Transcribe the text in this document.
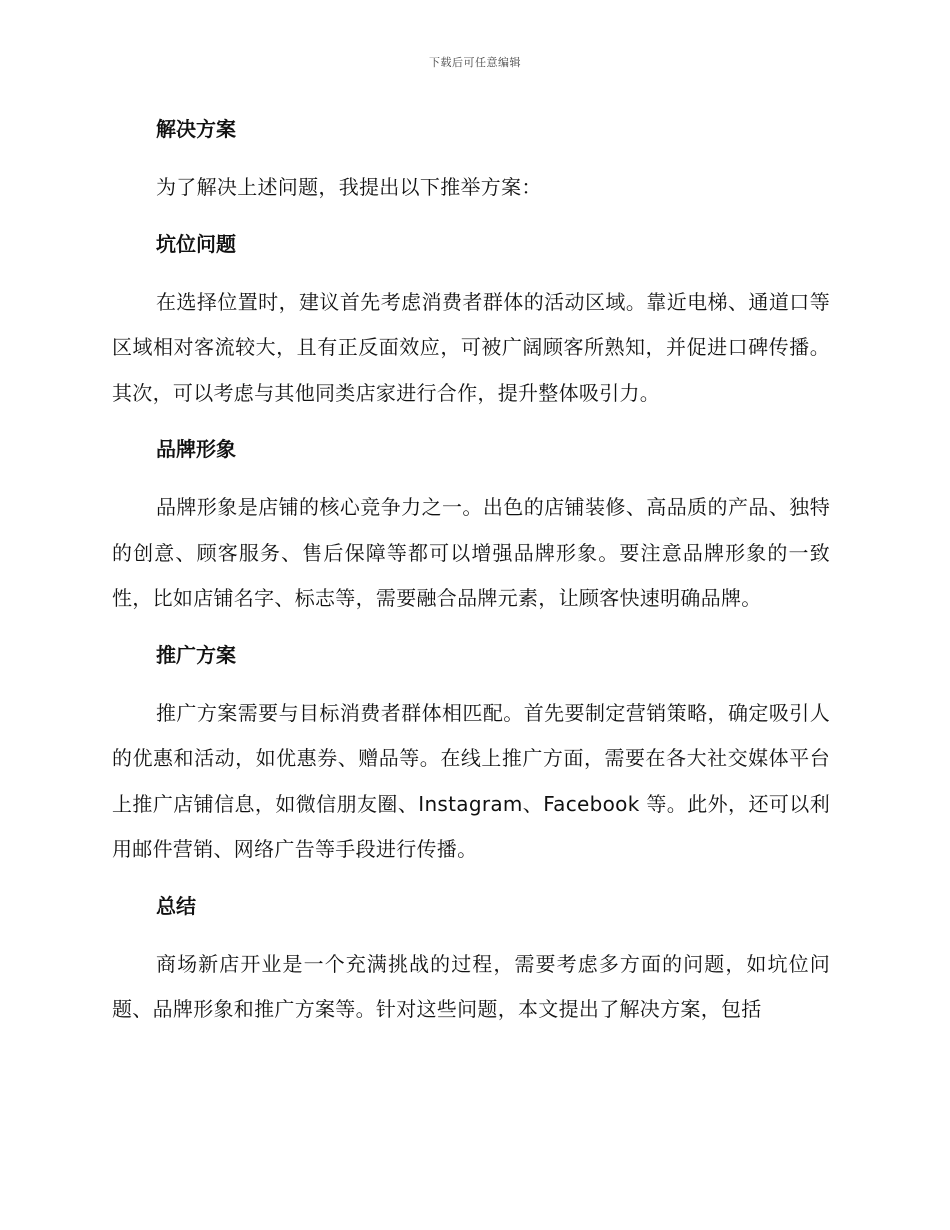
下载后可任意编辑
解决方案

为了解决上述问题，我提出以下推举方案：

坑位问题

在选择位置时，建议首先考虑消费者群体的活动区域。靠近电梯、通道口等区域相对客流较大，且有正反面效应，可被广阔顾客所熟知，并促进口碑传播。其次，可以考虑与其他同类店家进行合作，提升整体吸引力。

品牌形象

品牌形象是店铺的核心竞争力之一。出色的店铺装修、高品质的产品、独特的创意、顾客服务、售后保障等都可以增强品牌形象。要注意品牌形象的一致性，比如店铺名字、标志等，需要融合品牌元素，让顾客快速明确品牌。

推广方案

推广方案需要与目标消费者群体相匹配。首先要制定营销策略，确定吸引人的优惠和活动，如优惠券、赠品等。在线上推广方面，需要在各大社交媒体平台上推广店铺信息，如微信朋友圈、Instagram、Facebook 等。此外，还可以利用邮件营销、网络广告等手段进行传播。

总结

商场新店开业是一个充满挑战的过程，需要考虑多方面的问题，如坑位问题、品牌形象和推广方案等。针对这些问题，本文提出了解决方案，包括
